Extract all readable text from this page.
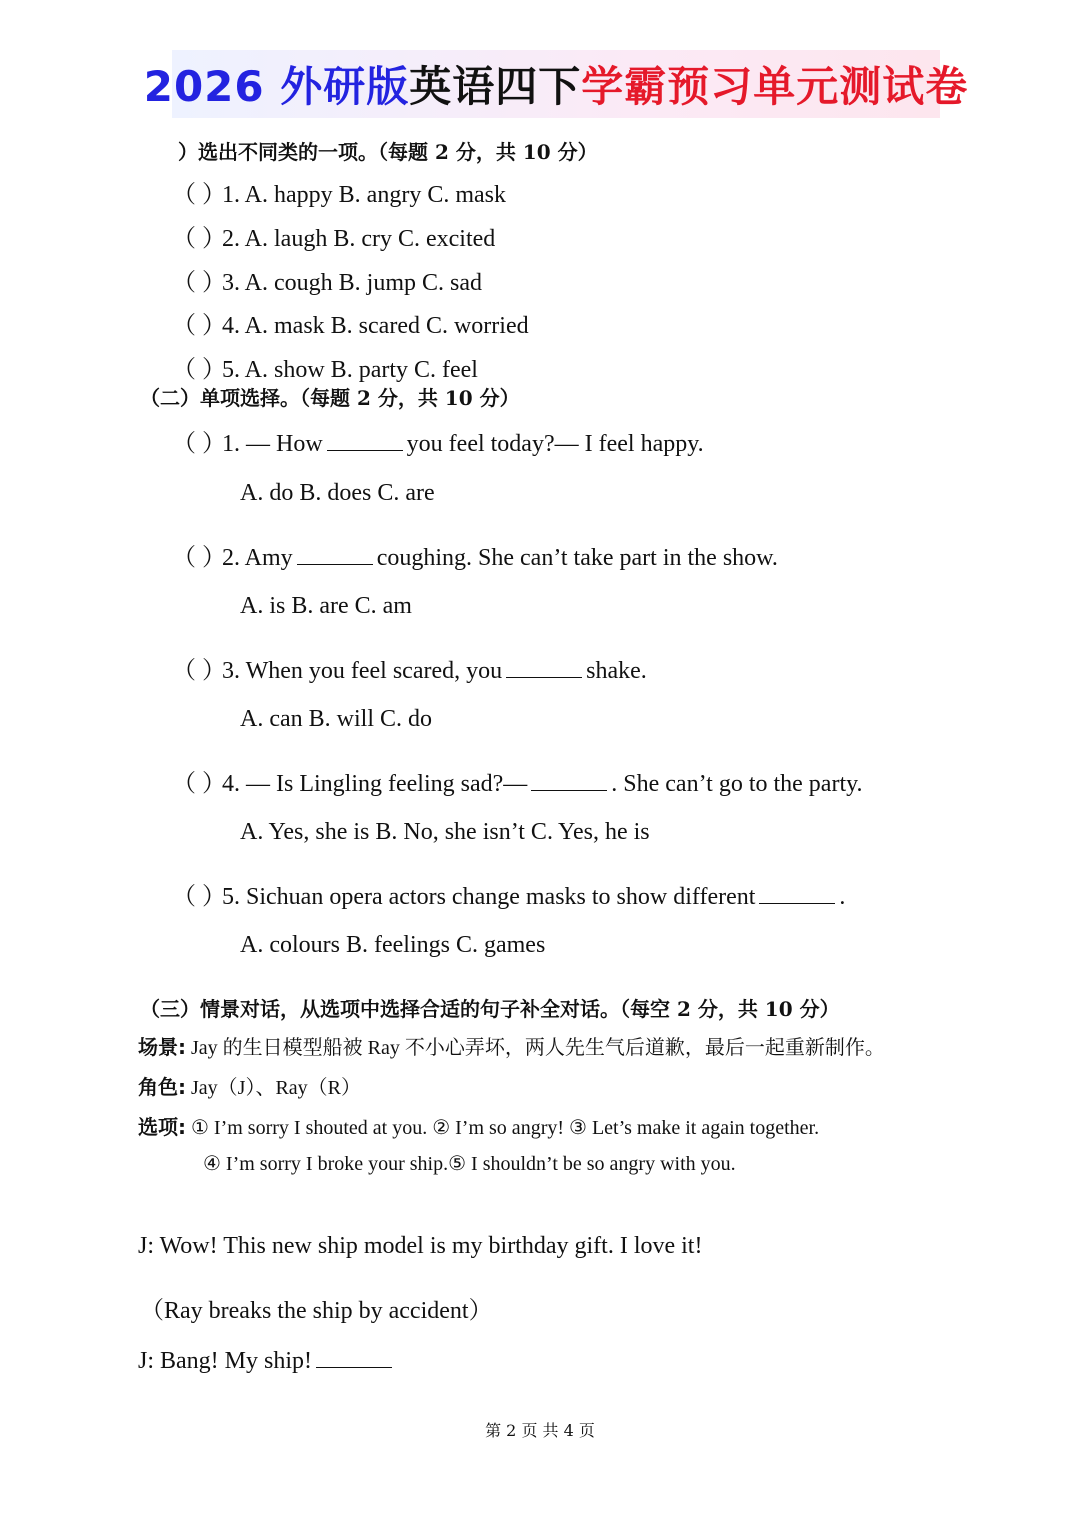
2026 外研版 英语四下 学霸预习单元测试卷
）选出不同类的一项。（每题 2 分，共 10 分）
（ ）1. A. happy B. angry C. mask
（ ）2. A. laugh B. cry C. excited
（ ）3. A. cough B. jump C. sad
（ ）4. A. mask B. scared C. worried
（ ）5. A. show B. party C. feel
（二）单项选择。（每题 2 分，共 10 分）
（ ）1. — How	you feel today?— I feel happy.
A. do B. does C. are
（ ）2. Amy	coughing. She can’t take part in the show.
A. is B. are C. am
（ ）3. When you feel scared, you	shake.
A. can B. will C. do
（ ）4. — Is Lingling feeling sad?—	. She can’t go to the party.
A. Yes, she is B. No, she isn’t C. Yes, he is
（ ）5. Sichuan opera actors change masks to show different	.
A. colours B. feelings C. games
（三）情景对话，从选项中选择合适的句子补全对话。（每空 2 分，共 10 分）
场景: Jay 的生日模型船被 Ray 不小心弄坏，两人先生气后道歉，最后一起重新制作。
角色: Jay（J）、Ray（R）
选项: ① I’m sorry I shouted at you. ② I’m so angry! ③ Let’s make it again together.
④ I’m sorry I broke your ship.⑤ I shouldn’t be so angry with you.
J: Wow! This new ship model is my birthday gift. I love it!
（Ray breaks the ship by accident）
J: Bang! My ship!
第 2 页 共 4 页
